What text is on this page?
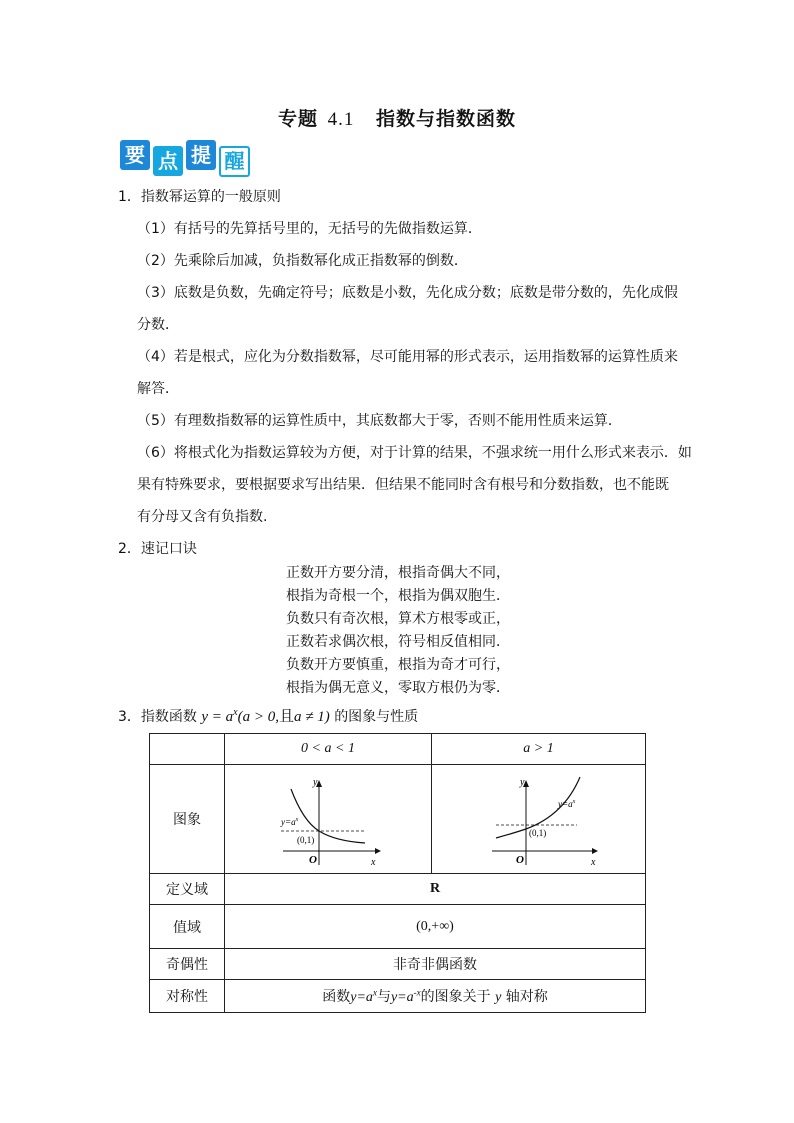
专题 4.1 指数与指数函数
要 点 提 醒
1．指数幂运算的一般原则
（1）有括号的先算括号里的，无括号的先做指数运算．
（2）先乘除后加减，负指数幂化成正指数幂的倒数．
（3）底数是负数，先确定符号；底数是小数，先化成分数；底数是带分数的，先化成假
分数．
（4）若是根式，应化为分数指数幂，尽可能用幂的形式表示，运用指数幂的运算性质来
解答．
（5）有理数指数幂的运算性质中，其底数都大于零，否则不能用性质来运算．
（6）将根式化为指数运算较为方便，对于计算的结果，不强求统一用什么形式来表示．如
果有特殊要求，要根据要求写出结果．但结果不能同时含有根号和分数指数，也不能既
有分母又含有负指数.
2．速记口诀
正数开方要分清，根指奇偶大不同，
根指为奇根一个，根指为偶双胞生．
负数只有奇次根，算术方根零或正，
正数若求偶次根，符号相反值相同．
负数开方要慎重，根指为奇才可行，
根指为偶无意义，零取方根仍为零．
3．指数函数 $y = a^x(a > 0$,且a ≠ 1) 的图象与性质
	0 < a < 1	a > 1
图象	y
x
O
$y=a^x$
(0,1)	y
x
O
$y=a^x$
(0,1)

定义域	R	
值域	(0,+∞)	
奇偶性	非奇非偶函数	
对称性	函数$y=a^x$与$y=a^{-x}$的图象关于 y 轴对称	
